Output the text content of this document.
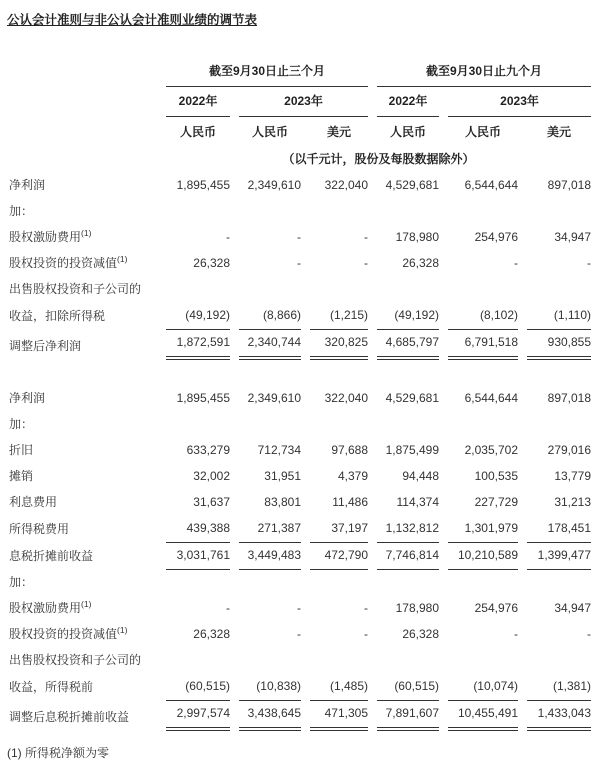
公认会计准则与非公认会计准则业绩的调节表
	截至9月30日止三个月			截至9月30日止九个月		
	2022年	2023年		2022年	2023年	
	人民币	人民币	美元	人民币	人民币	美元
	（以千元计，股份及每股数据除外）					
净利润	1,895,455	2,349,610	322,040	4,529,681	6,544,644	897,018
加：						
股权激励费用$^{(1)}$	-	-	-	178,980	254,976	34,947
股权投资的投资减值$^{(1)}$	26,328	-	-	26,328	-	-
出售股权投资和子公司的						
收益，扣除所得税	(49,192)	(8,866)	(1,215)	(49,192)	(8,102)	(1,110)
调整后净利润	1,872,591	2,340,744	320,825	4,685,797	6,791,518	930,855

净利润	1,895,455	2,349,610	322,040	4,529,681	6,544,644	897,018
加：						
折旧	633,279	712,734	97,688	1,875,499	2,035,702	279,016
摊销	32,002	31,951	4,379	94,448	100,535	13,779
利息费用	31,637	83,801	11,486	114,374	227,729	31,213
所得税费用	439,388	271,387	37,197	1,132,812	1,301,979	178,451
息税折摊前收益	3,031,761	3,449,483	472,790	7,746,814	10,210,589	1,399,477
加：						
股权激励费用$^{(1)}$	-	-	-	178,980	254,976	34,947
股权投资的投资减值$^{(1)}$	26,328	-	-	26,328	-	-
出售股权投资和子公司的						
收益，所得税前	(60,515)	(10,838)	(1,485)	(60,515)	(10,074)	(1,381)
调整后息税折摊前收益	2,997,574	3,438,645	471,305	7,891,607	10,455,491	1,433,043
(1) 所得税净额为零
